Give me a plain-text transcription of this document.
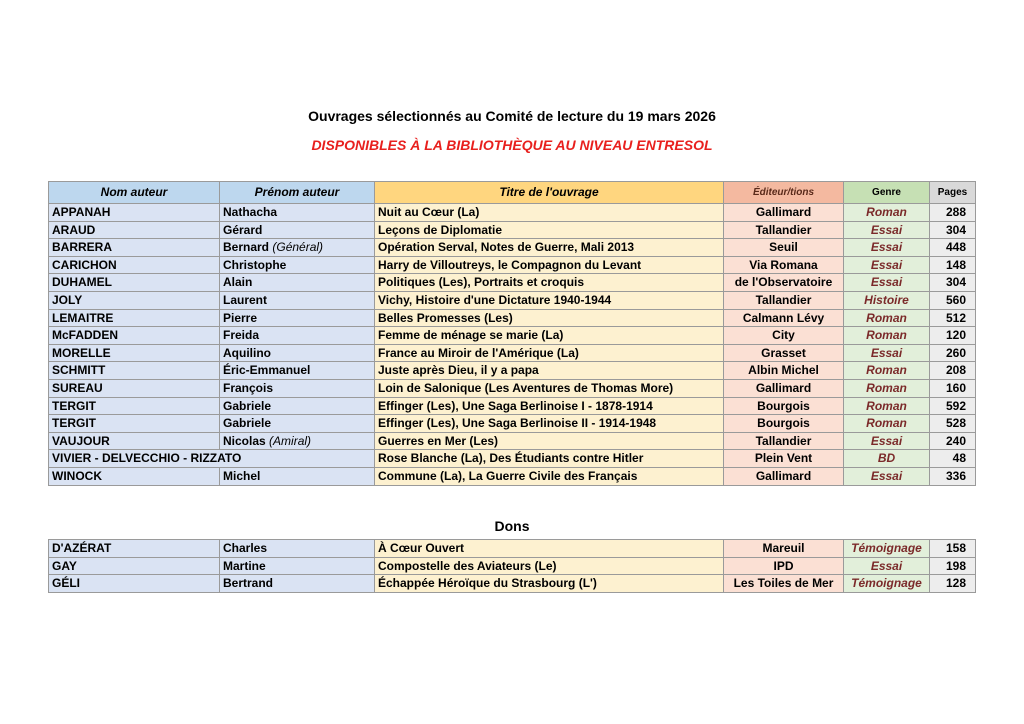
Ouvrages sélectionnés au Comité de lecture du 19 mars 2026
DISPONIBLES À LA BIBLIOTHÈQUE AU NIVEAU ENTRESOL
Nom auteur	Prénom auteur	Titre de l'ouvrage	Éditeur/tions	Genre	Pages
APPANAH	Nathacha	Nuit au Cœur (La)	Gallimard	Roman	288
ARAUD	Gérard	Leçons de Diplomatie	Tallandier	Essai	304
BARRERA	Bernard (Général)	Opération Serval, Notes de Guerre, Mali 2013	Seuil	Essai	448
CARICHON	Christophe	Harry de Villoutreys, le Compagnon du Levant	Via Romana	Essai	148
DUHAMEL	Alain	Politiques (Les), Portraits et croquis	de l'Observatoire	Essai	304
JOLY	Laurent	Vichy, Histoire d'une Dictature 1940-1944	Tallandier	Histoire	560
LEMAITRE	Pierre	Belles Promesses (Les)	Calmann Lévy	Roman	512
McFADDEN	Freida	Femme de ménage se marie (La)	City	Roman	120
MORELLE	Aquilino	France au Miroir de l'Amérique (La)	Grasset	Essai	260
SCHMITT	Éric-Emmanuel	Juste après Dieu, il y a papa	Albin Michel	Roman	208
SUREAU	François	Loin de Salonique (Les Aventures de Thomas More)	Gallimard	Roman	160
TERGIT	Gabriele	Effinger (Les), Une Saga Berlinoise I - 1878-1914	Bourgois	Roman	592
TERGIT	Gabriele	Effinger (Les), Une Saga Berlinoise II - 1914-1948	Bourgois	Roman	528
VAUJOUR	Nicolas (Amiral)	Guerres en Mer (Les)	Tallandier	Essai	240
VIVIER - DELVECCHIO - RIZZATO		Rose Blanche (La), Des Étudiants contre Hitler	Plein Vent	BD	48
WINOCK	Michel	Commune (La), La Guerre Civile des Français	Gallimard	Essai	336
Dons
D'AZÉRAT	Charles	À Cœur Ouvert	Mareuil	Témoignage	158
GAY	Martine	Compostelle des Aviateurs (Le)	IPD	Essai	198
GÉLI	Bertrand	Échappée Héroïque du Strasbourg (L')	Les Toiles de Mer	Témoignage	128
